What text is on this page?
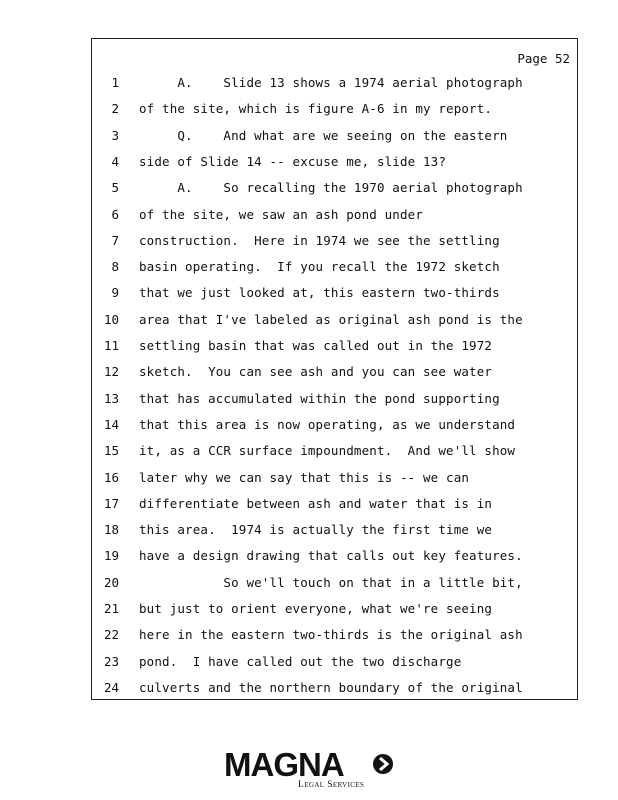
Page 52
1 A.    Slide 13 shows a 1974 aerial photograph
2 of the site, which is figure A-6 in my report.
3 Q.    And what are we seeing on the eastern
4 side of Slide 14 -- excuse me, slide 13?
5 A.    So recalling the 1970 aerial photograph
6 of the site, we saw an ash pond under
7 construction.  Here in 1974 we see the settling
8 basin operating.  If you recall the 1972 sketch
9 that we just looked at, this eastern two-thirds
10 area that I've labeled as original ash pond is the
11 settling basin that was called out in the 1972
12 sketch.  You can see ash and you can see water
13 that has accumulated within the pond supporting
14 that this area is now operating, as we understand
15 it, as a CCR surface impoundment.  And we'll show
16 later why we can say that this is -- we can
17 differentiate between ash and water that is in
18 this area.  1974 is actually the first time we
19 have a design drawing that calls out key features.
20 So we'll touch on that in a little bit,
21 but just to orient everyone, what we're seeing
22 here in the eastern two-thirds is the original ash
23 pond.  I have called out the two discharge
24 culverts and the northern boundary of the original
MAGNA
Legal Services
